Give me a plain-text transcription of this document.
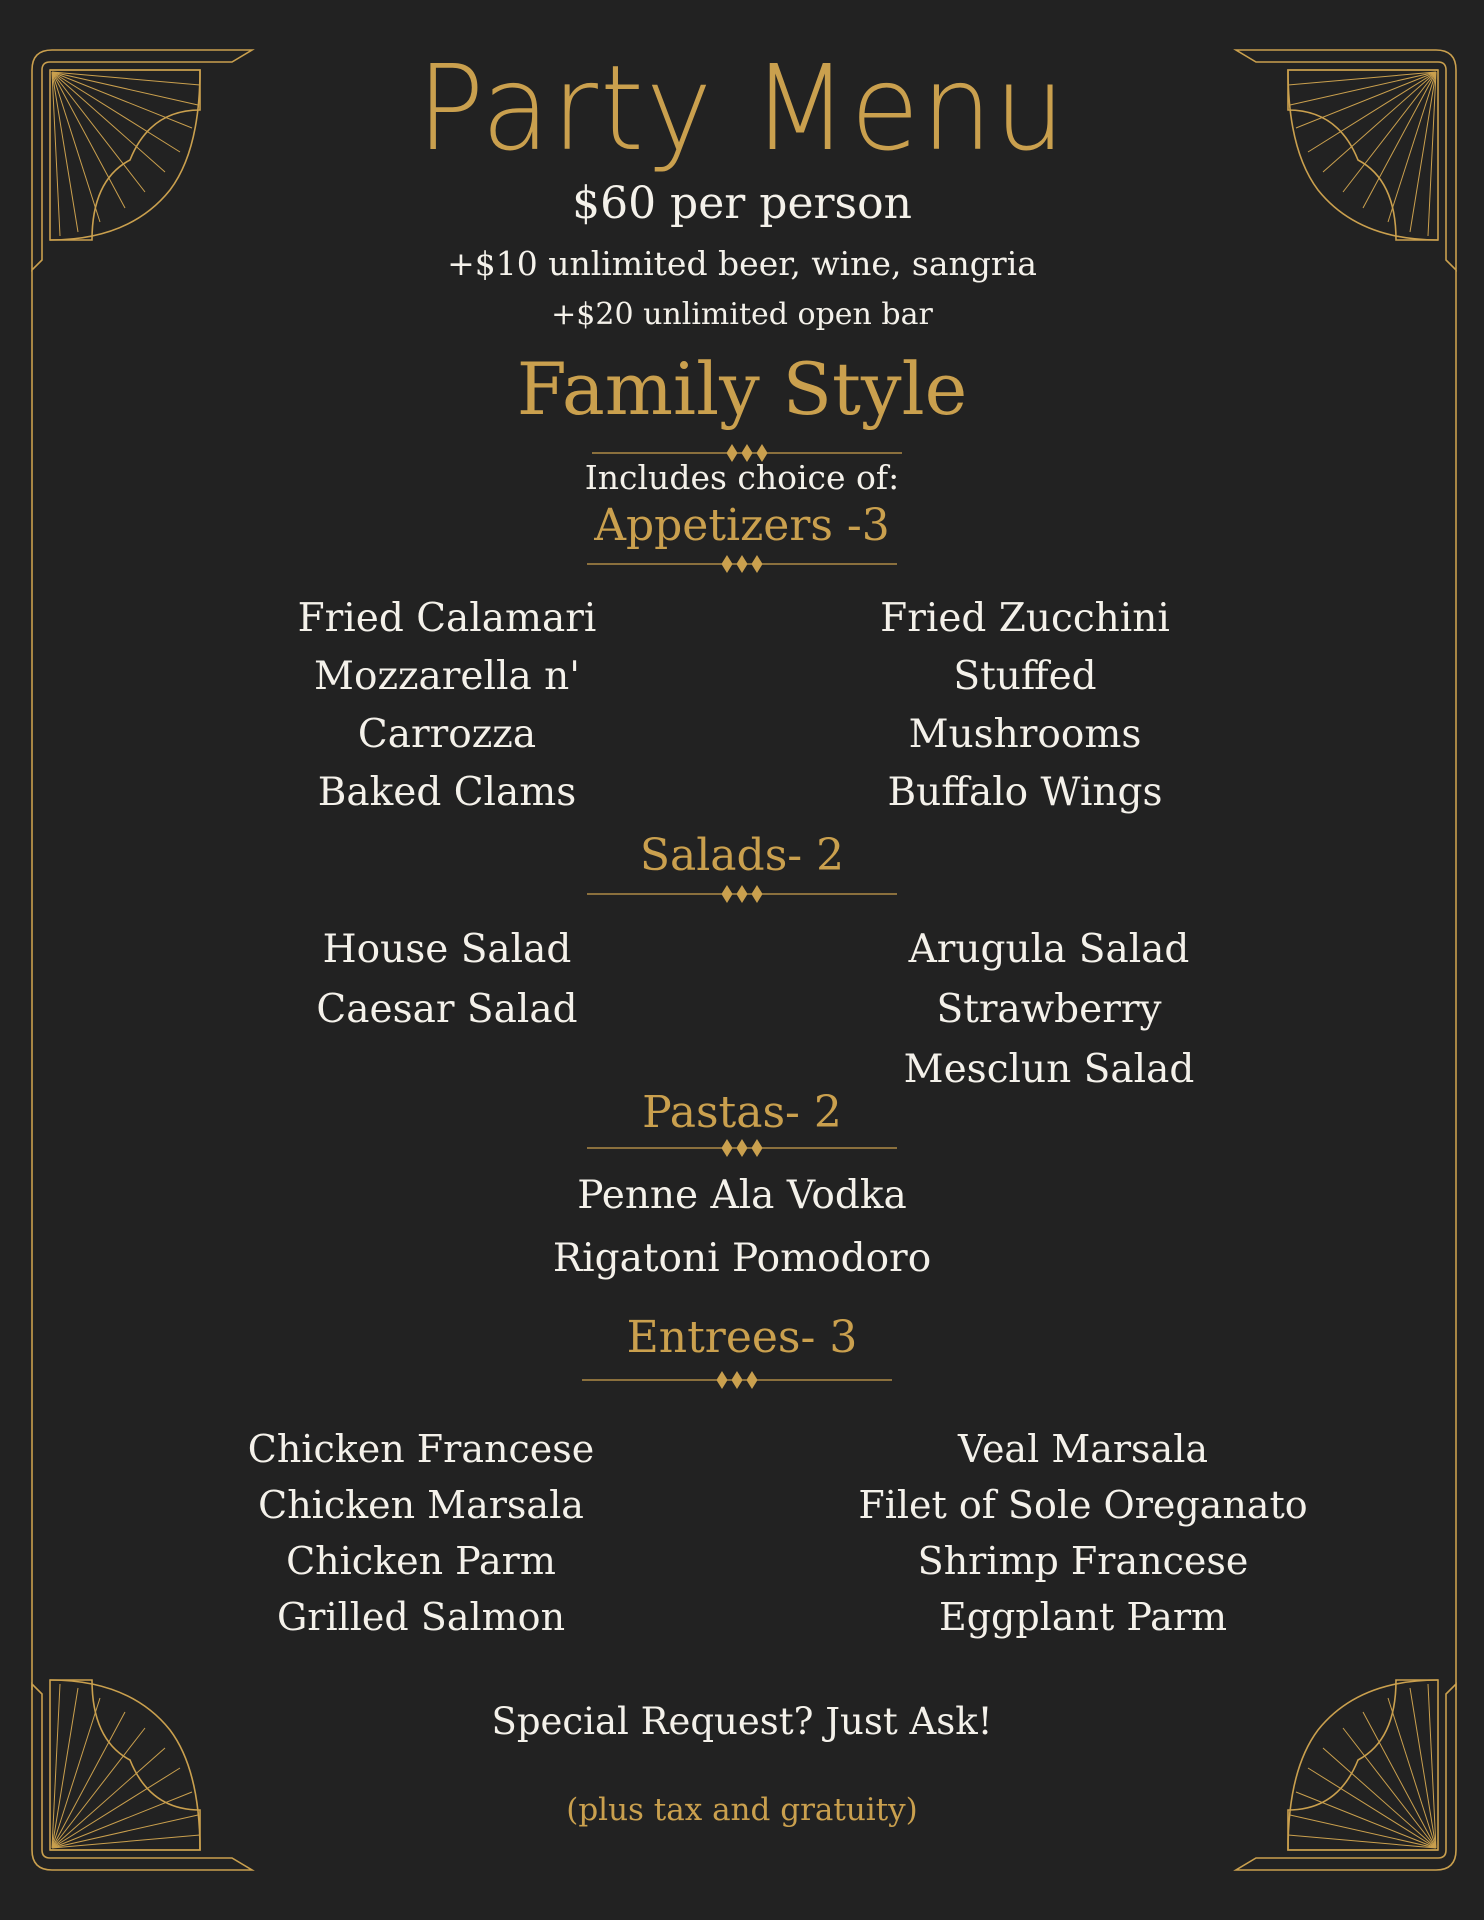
Party Menu
$60 per person
+$10 unlimited beer, wine, sangria
+$20 unlimited open bar
Family Style
Includes choice of:
Appetizers -3
Fried Calamari
Mozzarella n'
Carrozza
Baked Clams
Fried Zucchini
Stuffed
Mushrooms
Buffalo Wings
Salads- 2
House Salad
Caesar Salad
Arugula Salad
Strawberry
Mesclun Salad
Pastas- 2
Penne Ala Vodka
Rigatoni Pomodoro
Entrees- 3
Chicken Francese
Chicken Marsala
Chicken Parm
Grilled Salmon
Veal Marsala
Filet of Sole Oreganato
Shrimp Francese
Eggplant Parm
Special Request? Just Ask!
(plus tax and gratuity)
